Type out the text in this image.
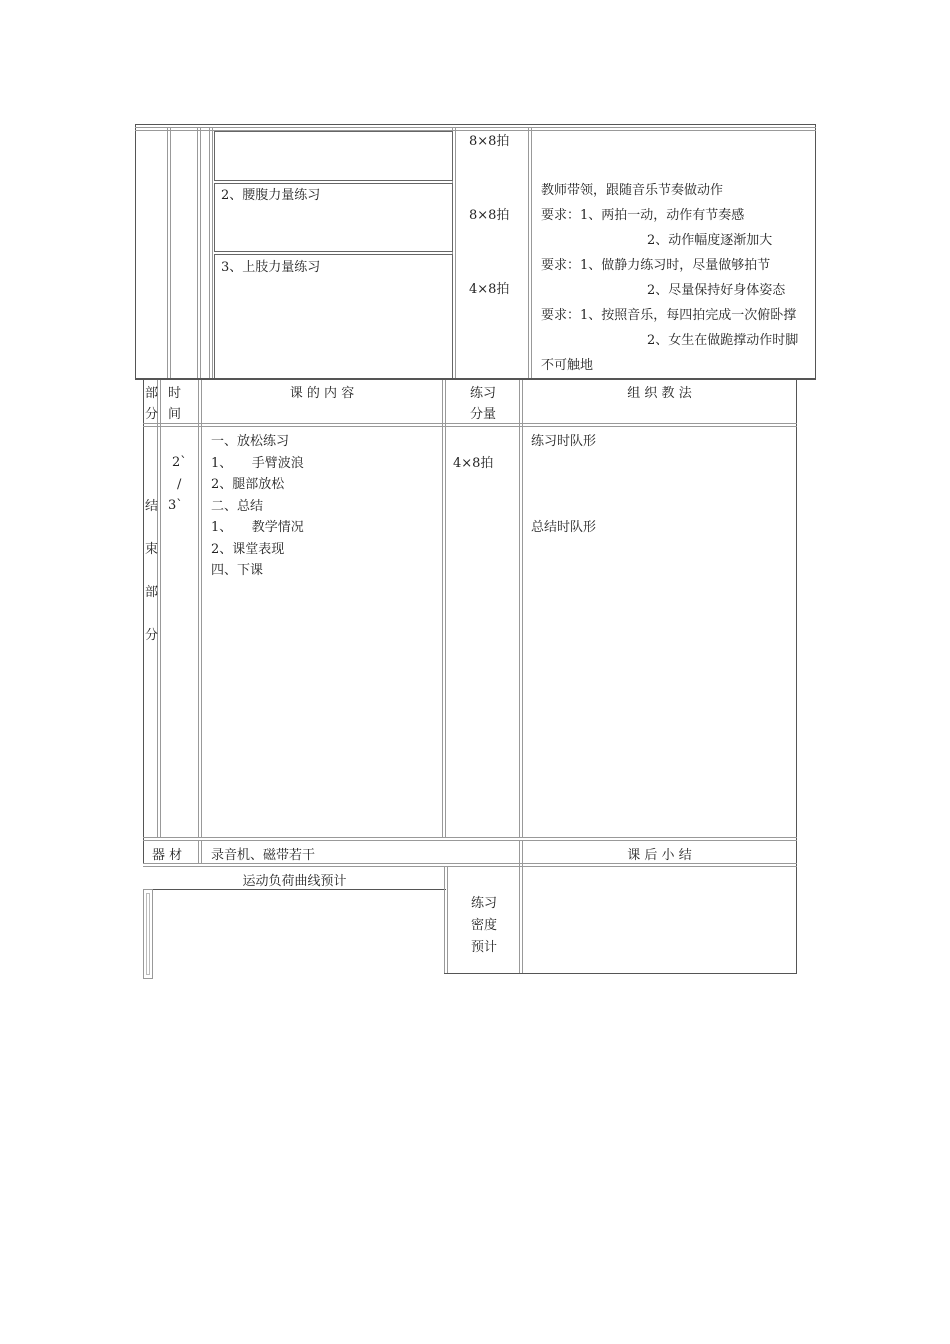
8×8拍
8×8拍
4×8拍
2、腰腹力量练习
3、上肢力量练习
教师带领，跟随音乐节奏做动作
要求：1、两拍一动，动作有节奏感
2、动作幅度逐渐加大
要求：1、做静力练习时，尽量做够拍节
2、尽量保持好身体姿态
要求：1、按照音乐，每四拍完成一次俯卧撑
2、女生在做跪撑动作时脚
不可触地
部
分
时
间
课 的 内 容	练习
分量
组 织 教 法
结
束
部
分
2`
/
3`
一、放松练习
1、　　手臂波浪
2、腿部放松
二、总结
1、　　教学情况
2、课堂表现
四、下课
4×8拍
练习时队形
总结时队形
器 材 录音机、磁带若干	课 后 小 结
运动负荷曲线预计
练习
密度
预计
